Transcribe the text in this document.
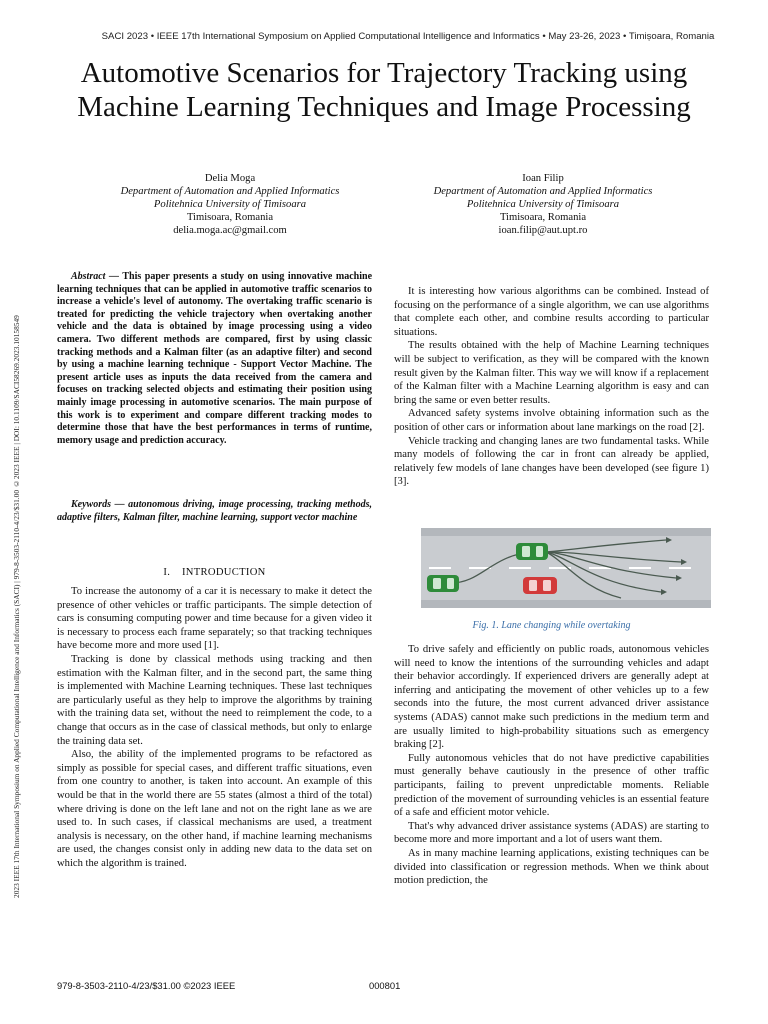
SACI 2023 • IEEE 17th International Symposium on Applied Computational Intelligence and Informatics • May 23-26, 2023 • Timișoara, Romania
2023 IEEE 17th International Symposium on Applied Computational Intelligence and Informatics (SACI) | 979-8-3503-2110-4/23/$31.00 ©2023 IEEE | DOI: 10.1109/SACI58269.2023.10158549
Automotive Scenarios for Trajectory Tracking using Machine Learning Techniques and Image Processing
Delia Moga
Department of Automation and Applied Informatics
Politehnica University of Timisoara
Timisoara, Romania
delia.moga.ac@gmail.com
Ioan Filip
Department of Automation and Applied Informatics
Politehnica University of Timisoara
Timisoara, Romania
ioan.filip@aut.upt.ro

Abstract — This paper presents a study on using innovative machine learning techniques that can be applied in automotive traffic scenarios to increase a vehicle's level of autonomy. The overtaking traffic scenario is treated for predicting the vehicle trajectory when overtaking another vehicle and the data is obtained by image processing using a video camera. Two different methods are compared, first by using classic tracking methods and a Kalman filter (as an adaptive filter) and second by using a machine learning technique - Support Vector Machine. The present article uses as inputs the data received from the camera and focuses on tracking selected objects and estimating their position using mainly image processing in automotive scenarios. The main purpose of this work is to experiment and compare different tracking modes to determine those that have the best performances in terms of runtime, memory usage and prediction accuracy.

Keywords — autonomous driving, image processing, tracking methods, adaptive filters, Kalman filter, machine learning, support vector machine

I. INTRODUCTION

To increase the autonomy of a car it is necessary to make it detect the presence of other vehicles or traffic participants. The simple detection of cars is consuming computing power and time because for a given video it is necessary to process each frame separately; so that tracking techniques have become more and more used [1].

Tracking is done by classical methods using tracking and then estimation with the Kalman filter, and in the second part, the same thing is implemented with Machine Learning techniques. These last techniques are particularly useful as they help to improve the algorithms by training with the training data set, without the need to reimplement the code, to a change that occurs as in the case of classical methods, but only to enlarge the training data set.

Also, the ability of the implemented programs to be refactored as simply as possible for special cases, and different traffic situations, even from one country to another, is taken into account. An example of this would be that in the world there are 55 states (almost a third of the total) where driving is done on the left lane and not on the right lane as we are used to. In such cases, if classical mechanisms are used, a treatment analysis is necessary, on the other hand, if machine learning mechanisms are used, the changes consist only in adding new data to the data set on which the algorithm is trained.

It is interesting how various algorithms can be combined. Instead of focusing on the performance of a single algorithm, we can use algorithms that complete each other, and combine results according to particular situations.

The results obtained with the help of Machine Learning techniques will be subject to verification, as they will be compared with the known result given by the Kalman filter. This way we will know if a replacement of the Kalman filter with a Machine Learning algorithm is easy and can bring the same or even better results.

Advanced safety systems involve obtaining information such as the position of other cars or information about lane markings on the road [2].

Vehicle tracking and changing lanes are two fundamental tasks. While many models of following the car in front can already be applied, relatively few models of lane changes have been developed (see figure 1) [3].

Fig. 1. Lane changing while overtaking

To drive safely and efficiently on public roads, autonomous vehicles will need to know the intentions of the surrounding vehicles and adapt their behavior accordingly. If experienced drivers are generally adept at inferring and anticipating the movement of other vehicles up to a few seconds into the future, the most current advanced driver assistance systems (ADAS) cannot make such predictions in the medium term and are usually limited to high-probability situations such as emergency braking [2].

Fully autonomous vehicles that do not have predictive capabilities must generally behave cautiously in the presence of other traffic participants, failing to prevent unpredictable moments. Reliable prediction of the movement of surrounding vehicles is an essential feature of a safe and efficient motor vehicle.

That's why advanced driver assistance systems (ADAS) are starting to become more and more important and a lot of users want them.

As in many machine learning applications, existing techniques can be divided into classification or regression methods. When we think about motion prediction, the

979-8-3503-2110-4/23/$31.00 ©2023 IEEE	000801
